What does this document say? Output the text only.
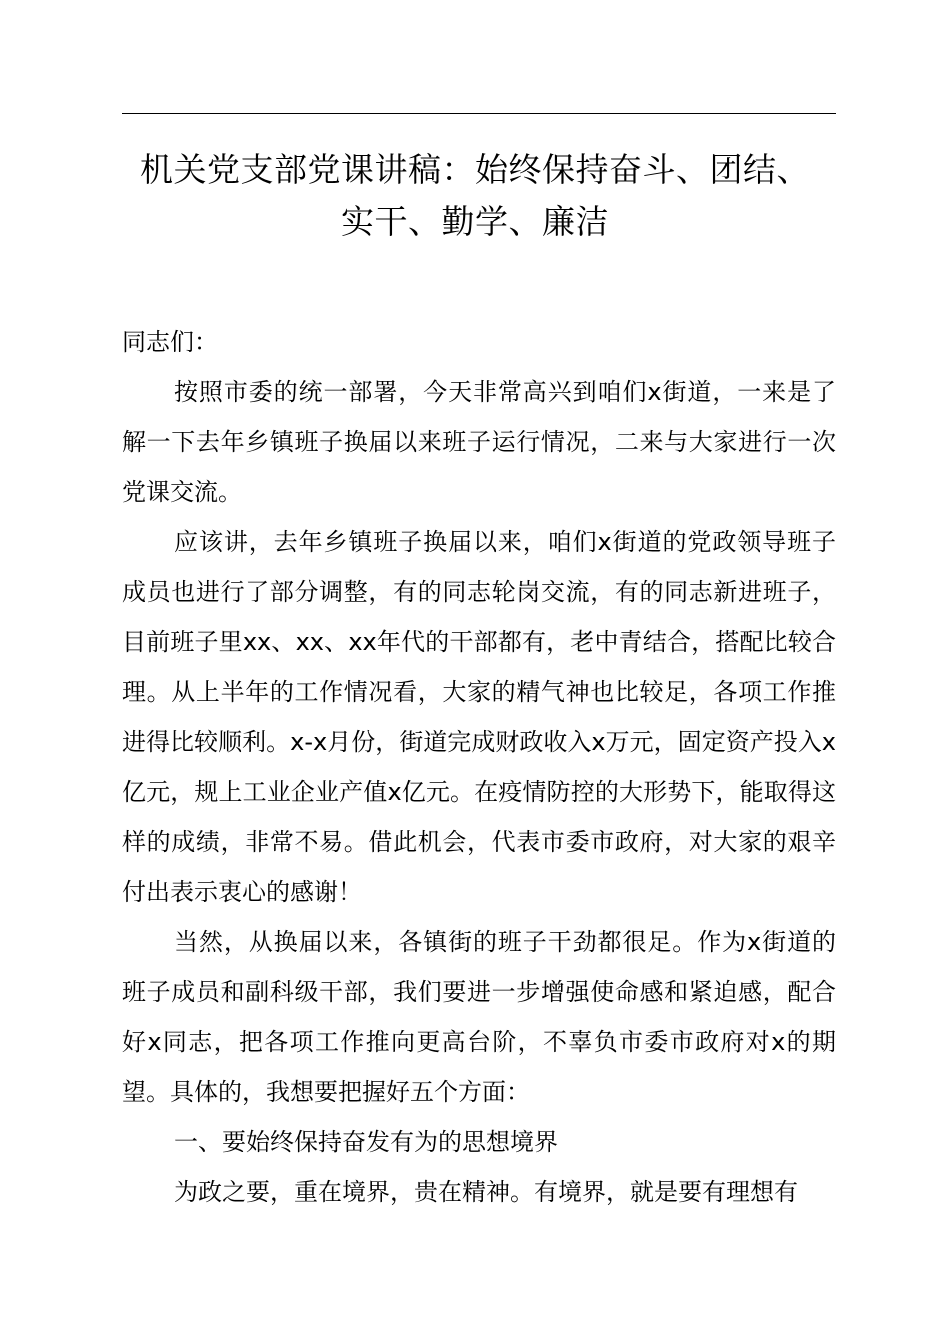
机关党支部党课讲稿：始终保持奋斗、团结、
实干、勤学、廉洁

同志们：

按照市委的统一部署，今天非常高兴到咱们x街道，一来是了解一下去年乡镇班子换届以来班子运行情况，二来与大家进行一次党课交流。

应该讲，去年乡镇班子换届以来，咱们x街道的党政领导班子成员也进行了部分调整，有的同志轮岗交流，有的同志新进班子，目前班子里xx、xx、xx年代的干部都有，老中青结合，搭配比较合理。从上半年的工作情况看，大家的精气神也比较足，各项工作推进得比较顺利。x-x月份，街道完成财政收入x万元，固定资产投入x亿元，规上工业企业产值x亿元。在疫情防控的大形势下，能取得这样的成绩，非常不易。借此机会，代表市委市政府，对大家的艰辛付出表示衷心的感谢！

当然，从换届以来，各镇街的班子干劲都很足。作为x街道的班子成员和副科级干部，我们要进一步增强使命感和紧迫感，配合好x同志，把各项工作推向更高台阶，不辜负市委市政府对x的期望。具体的，我想要把握好五个方面：

一、要始终保持奋发有为的思想境界

为政之要，重在境界，贵在精神。有境界，就是要有理想有
